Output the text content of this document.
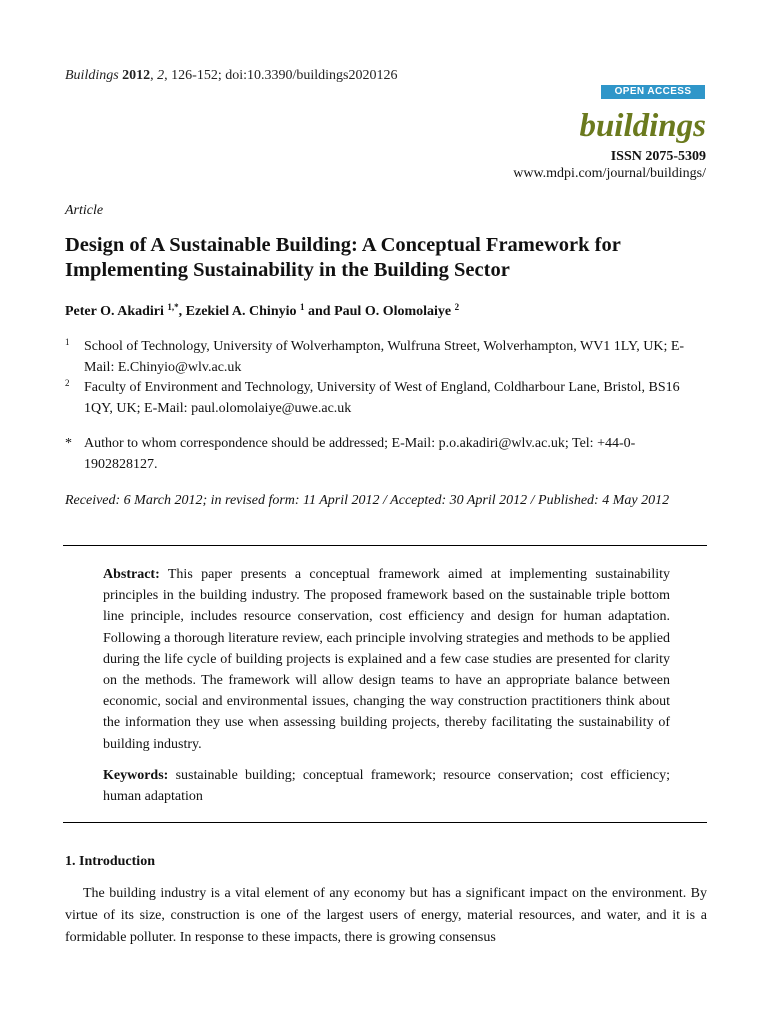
Buildings 2012, 2, 126-152; doi:10.3390/buildings2020126
OPEN ACCESS
buildings
ISSN 2075-5309
www.mdpi.com/journal/buildings/
Article
Design of A Sustainable Building: A Conceptual Framework for Implementing Sustainability in the Building Sector
Peter O. Akadiri $^{1,*}$, Ezekiel A. Chinyio $^1$ and Paul O. Olomolaiye $^2$
1 School of Technology, University of Wolverhampton, Wulfruna Street, Wolverhampton, WV1 1LY, UK; E-Mail: E.Chinyio@wlv.ac.uk
2 Faculty of Environment and Technology, University of West of England, Coldharbour Lane, Bristol, BS16 1QY, UK; E-Mail: paul.olomolaiye@uwe.ac.uk
* Author to whom correspondence should be addressed; E-Mail: p.o.akadiri@wlv.ac.uk; Tel: +44-0-1902828127.
Received: 6 March 2012; in revised form: 11 April 2012 / Accepted: 30 April 2012 / Published: 4 May 2012

Abstract: This paper presents a conceptual framework aimed at implementing sustainability principles in the building industry. The proposed framework based on the sustainable triple bottom line principle, includes resource conservation, cost efficiency and design for human adaptation. Following a thorough literature review, each principle involving strategies and methods to be applied during the life cycle of building projects is explained and a few case studies are presented for clarity on the methods. The framework will allow design teams to have an appropriate balance between economic, social and environmental issues, changing the way construction practitioners think about the information they use when assessing building projects, thereby facilitating the sustainability of building industry.

Keywords: sustainable building; conceptual framework; resource conservation; cost efficiency; human adaptation

1. Introduction

The building industry is a vital element of any economy but has a significant impact on the environment. By virtue of its size, construction is one of the largest users of energy, material resources, and water, and it is a formidable polluter. In response to these impacts, there is growing consensus
